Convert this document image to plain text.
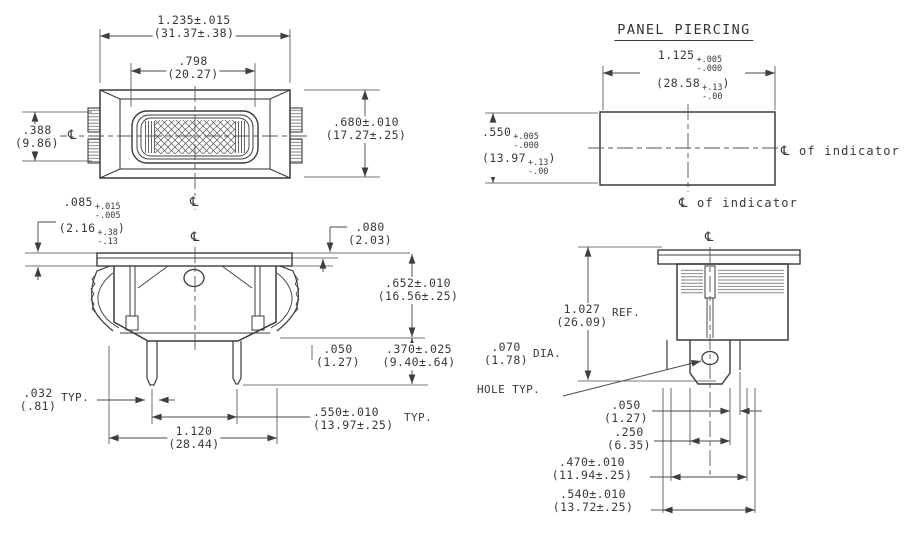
1.235±.015
(31.37±.38)
.798
(20.27)
.680±.010
(17.27±.25)
.388
(9.86)
℄
℄
PANEL PIERCING
1.125 +.005
-.000
(28.58 +.13
-.00
)
.550 +.005
-.000
(13.97 +.13
-.00
)	℄ of indicator
℄ of indicator
.085 +.015
-.005
(2.16 +.38
-.13
)	.080
(2.03)
.652±.010
(16.56±.25)
.050
(1.27)
.370±.025
(9.40±.64)
.032
(.81)
TYP.
.550±.010
(13.97±.25)
TYP.
1.120
(28.44)
℄
1.027
(26.09)
REF.
.070
(1.78) DIA.
HOLE TYP.
.050
(1.27)
.250
(6.35)
.470±.010
(11.94±.25)
.540±.010
(13.72±.25)
℄
